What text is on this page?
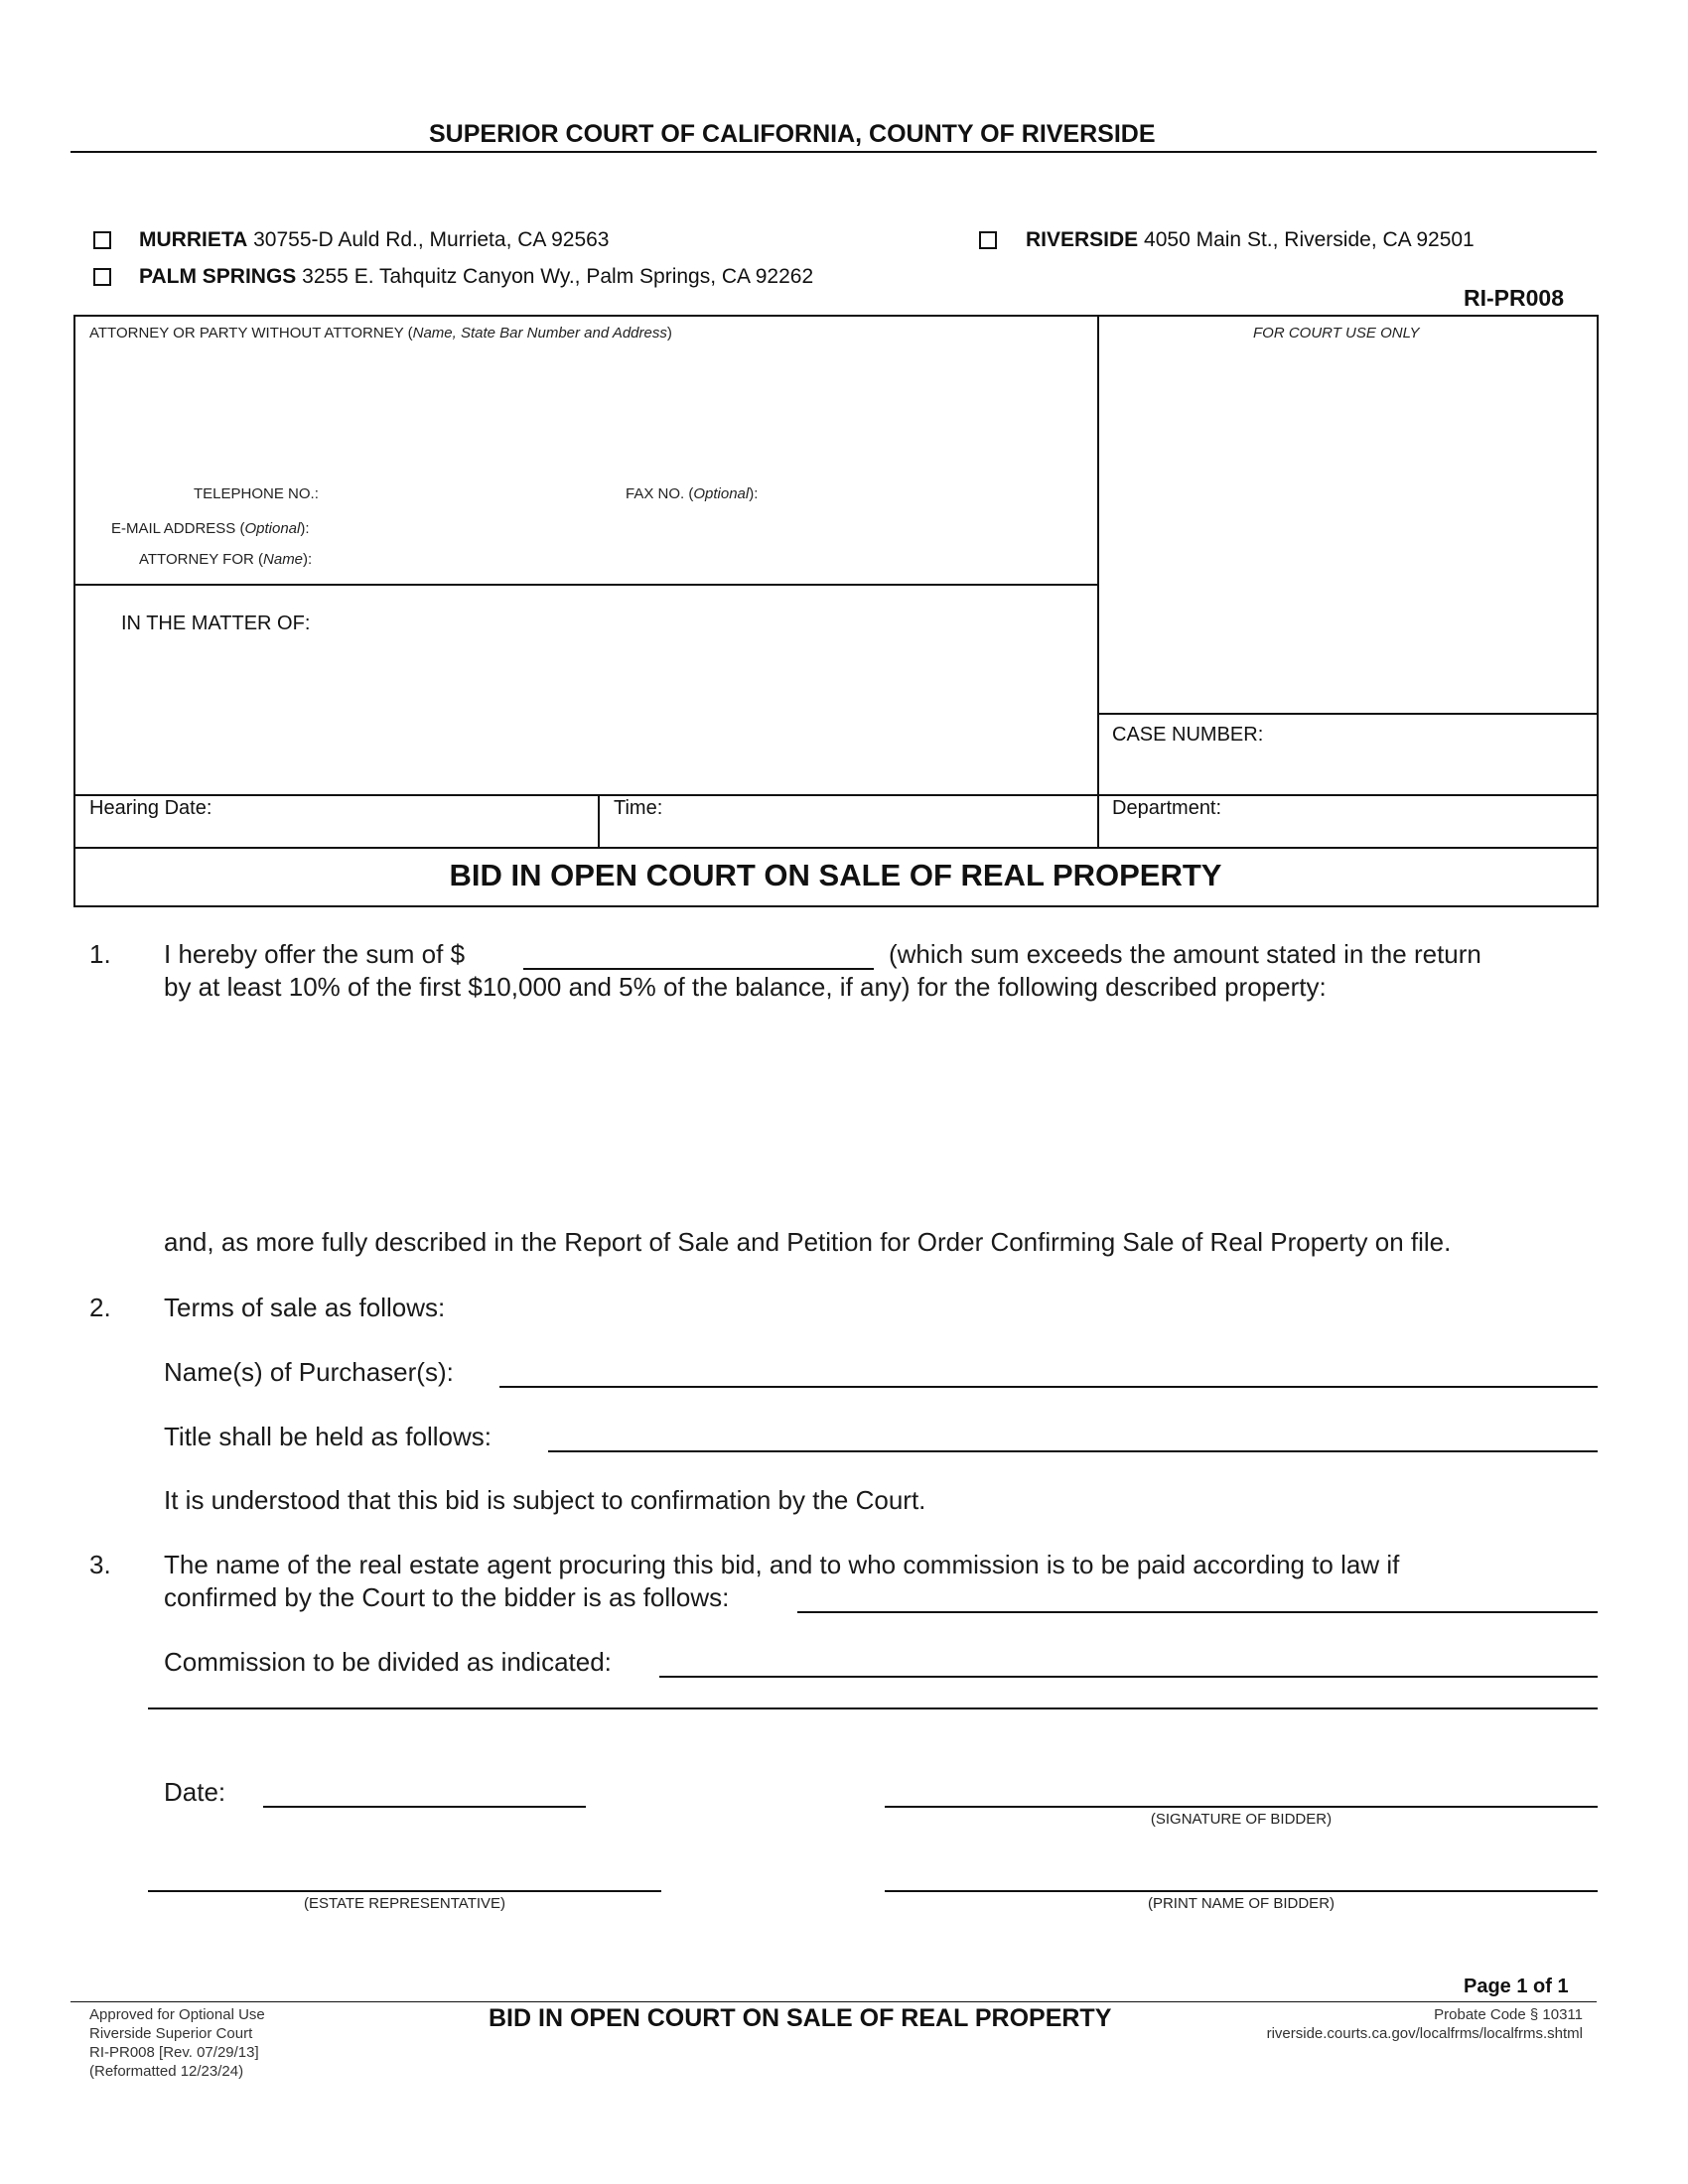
SUPERIOR COURT OF CALIFORNIA, COUNTY OF RIVERSIDE
MURRIETA 30755-D Auld Rd., Murrieta, CA 92563
PALM SPRINGS 3255 E. Tahquitz Canyon Wy., Palm Springs, CA 92262
RIVERSIDE 4050 Main St., Riverside, CA 92501
RI-PR008
ATTORNEY OR PARTY WITHOUT ATTORNEY (Name, State Bar Number and Address)	FOR COURT USE ONLY
TELEPHONE NO.:	FAX NO. (Optional):
E-MAIL ADDRESS (Optional):
ATTORNEY FOR (Name):
IN THE MATTER OF:
CASE NUMBER:
Hearing Date:	Time:	Department:
BID IN OPEN COURT ON SALE OF REAL PROPERTY
1. I hereby offer the sum of $	(which sum exceeds the amount stated in the return
by at least 10% of the first $10,000 and 5% of the balance, if any) for the following described property:
and, as more fully described in the Report of Sale and Petition for Order Confirming Sale of Real Property on file.
2. Terms of sale as follows:
Name(s) of Purchaser(s):
Title shall be held as follows:
It is understood that this bid is subject to confirmation by the Court.
3. The name of the real estate agent procuring this bid, and to who commission is to be paid according to law if
confirmed by the Court to the bidder is as follows:
Commission to be divided as indicated:
Date:
(SIGNATURE OF BIDDER)
(ESTATE REPRESENTATIVE)	(PRINT NAME OF BIDDER)
Page 1 of 1
Approved for Optional Use
Riverside Superior Court
RI-PR008 [Rev. 07/29/13]
(Reformatted 12/23/24)
BID IN OPEN COURT ON SALE OF REAL PROPERTY	Probate Code § 10311
riverside.courts.ca.gov/localfrms/localfrms.shtml
